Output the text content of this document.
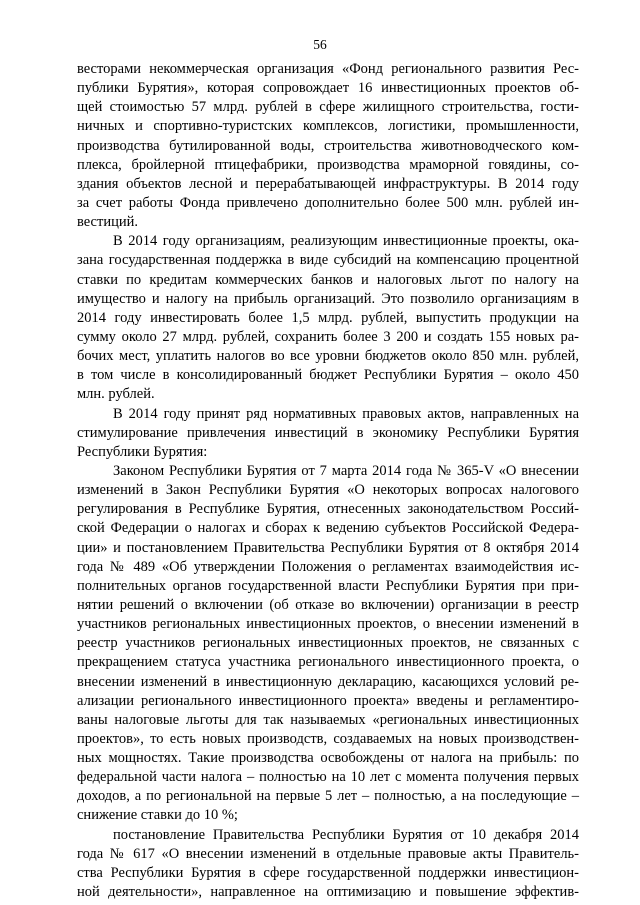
56
весторами некоммерческая организация «Фонд регионального развития Рес-
публики Бурятия», которая сопровождает 16 инвестиционных проектов об-
щей стоимостью 57 млрд. рублей в сфере жилищного строительства, гости-
ничных и спортивно-туристских комплексов, логистики, промышленности,
производства бутилированной воды, строительства животноводческого ком-
плекса, бройлерной птицефабрики, производства мраморной говядины, со-
здания объектов лесной и перерабатывающей инфраструктуры. В 2014 году
за счет работы Фонда привлечено дополнительно более 500 млн. рублей ин-
вестиций.
В 2014 году организациям, реализующим инвестиционные проекты, ока-
зана государственная поддержка в виде субсидий на компенсацию процентной
ставки по кредитам коммерческих банков и налоговых льгот по налогу на
имущество и налогу на прибыль организаций. Это позволило организациям в
2014 году инвестировать более 1,5 млрд. рублей, выпустить продукции на
сумму около 27 млрд. рублей, сохранить более 3 200 и создать 155 новых ра-
бочих мест, уплатить налогов во все уровни бюджетов около 850 млн. рублей,
в том числе в консолидированный бюджет Республики Бурятия – около 450
млн. рублей.
В 2014 году принят ряд нормативных правовых актов, направленных на
стимулирование привлечения инвестиций в экономику Республики Бурятия
Республики Бурятия:
Законом Республики Бурятия от 7 марта 2014 года № 365-V «О внесении
изменений в Закон Республики Бурятия «О некоторых вопросах налогового
регулирования в Республике Бурятия, отнесенных законодательством Россий-
ской Федерации о налогах и сборах к ведению субъектов Российской Федера-
ции» и постановлением Правительства Республики Бурятия от 8 октября 2014
года № 489 «Об утверждении Положения о регламентах взаимодействия ис-
полнительных органов государственной власти Республики Бурятия при при-
нятии решений о включении (об отказе во включении) организации в реестр
участников региональных инвестиционных проектов, о внесении изменений в
реестр участников региональных инвестиционных проектов, не связанных с
прекращением статуса участника регионального инвестиционного проекта, о
внесении изменений в инвестиционную декларацию, касающихся условий ре-
ализации регионального инвестиционного проекта» введены и регламентиро-
ваны налоговые льготы для так называемых «региональных инвестиционных
проектов», то есть новых производств, создаваемых на новых производствен-
ных мощностях. Такие производства освобождены от налога на прибыль: по
федеральной части налога – полностью на 10 лет с момента получения первых
доходов, а по региональной на первые 5 лет – полностью, а на последующие –
снижение ставки до 10 %;
постановление Правительства Республики Бурятия от 10 декабря 2014
года № 617 «О внесении изменений в отдельные правовые акты Правитель-
ства Республики Бурятия в сфере государственной поддержки инвестицион-
ной деятельности», направленное на оптимизацию и повышение эффектив-
